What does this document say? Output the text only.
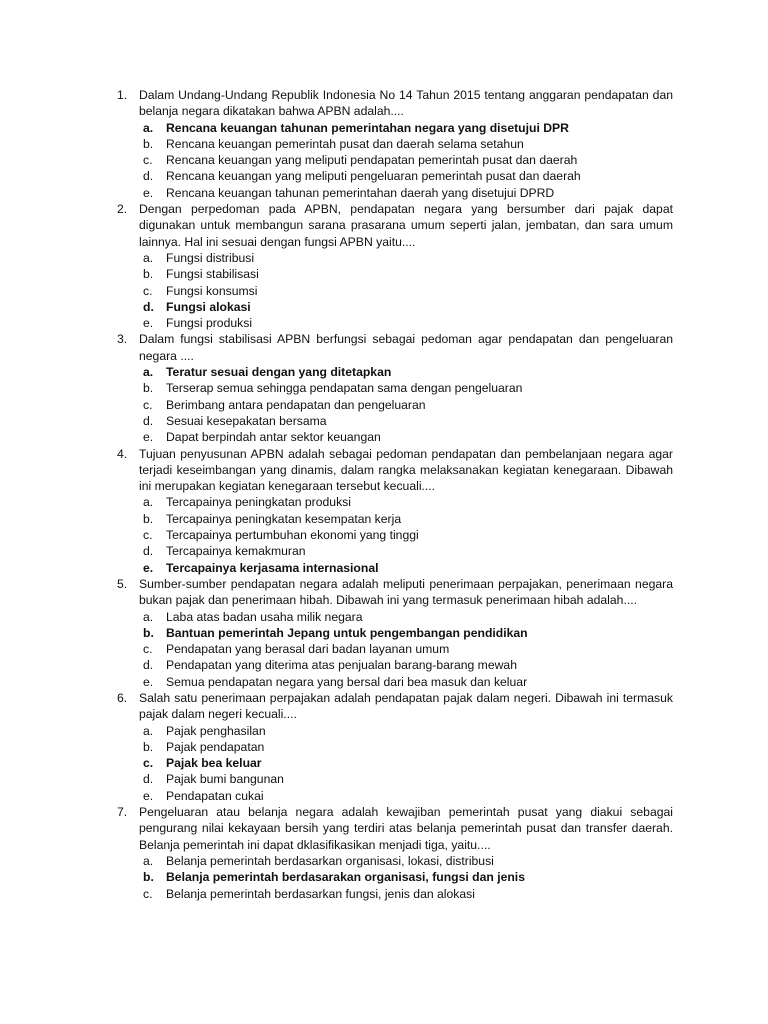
1. Dalam Undang-Undang Republik Indonesia No 14 Tahun 2015 tentang anggaran pendapatan dan belanja negara dikatakan bahwa APBN adalah....
a. Rencana keuangan tahunan pemerintahan negara yang disetujui DPR
b. Rencana keuangan pemerintah pusat dan daerah selama setahun
c. Rencana keuangan yang meliputi pendapatan pemerintah pusat dan daerah
d. Rencana keuangan yang meliputi pengeluaran pemerintah pusat dan daerah
e. Rencana keuangan tahunan pemerintahan daerah yang disetujui DPRD
2. Dengan perpedoman pada APBN, pendapatan negara yang bersumber dari pajak dapat digunakan untuk membangun sarana prasarana umum seperti jalan, jembatan, dan sara umum lainnya. Hal ini sesuai dengan fungsi APBN yaitu....
a. Fungsi distribusi
b. Fungsi stabilisasi
c. Fungsi konsumsi
d. Fungsi alokasi
e. Fungsi produksi
3. Dalam fungsi stabilisasi APBN berfungsi sebagai pedoman agar pendapatan dan pengeluaran negara ....
a. Teratur sesuai dengan yang ditetapkan
b. Terserap semua sehingga pendapatan sama dengan pengeluaran
c. Berimbang antara pendapatan dan pengeluaran
d. Sesuai kesepakatan bersama
e. Dapat berpindah antar sektor keuangan
4. Tujuan penyusunan APBN adalah sebagai pedoman pendapatan dan pembelanjaan negara agar terjadi keseimbangan yang dinamis, dalam rangka melaksanakan kegiatan kenegaraan. Dibawah ini merupakan kegiatan kenegaraan tersebut kecuali....
a. Tercapainya peningkatan produksi
b. Tercapainya peningkatan kesempatan kerja
c. Tercapainya pertumbuhan ekonomi yang tinggi
d. Tercapainya kemakmuran
e. Tercapainya kerjasama internasional
5. Sumber-sumber pendapatan negara adalah meliputi penerimaan perpajakan, penerimaan negara bukan pajak dan penerimaan hibah. Dibawah ini yang termasuk penerimaan hibah adalah....
a. Laba atas badan usaha milik negara
b. Bantuan pemerintah Jepang untuk pengembangan pendidikan
c. Pendapatan yang berasal dari badan layanan umum
d. Pendapatan yang diterima atas penjualan barang-barang mewah
e. Semua pendapatan negara yang bersal dari bea masuk dan keluar
6. Salah satu penerimaan perpajakan adalah pendapatan pajak dalam negeri. Dibawah ini termasuk pajak dalam negeri kecuali....
a. Pajak penghasilan
b. Pajak pendapatan
c. Pajak bea keluar
d. Pajak bumi bangunan
e. Pendapatan cukai
7. Pengeluaran atau belanja negara adalah kewajiban pemerintah pusat yang diakui sebagai pengurang nilai kekayaan bersih yang terdiri atas belanja pemerintah pusat dan transfer daerah. Belanja pemerintah ini dapat dklasifikasikan menjadi tiga, yaitu....
a. Belanja pemerintah berdasarkan organisasi, lokasi, distribusi
b. Belanja pemerintah berdasarakan organisasi, fungsi dan jenis
c. Belanja pemerintah berdasarkan fungsi, jenis dan alokasi
